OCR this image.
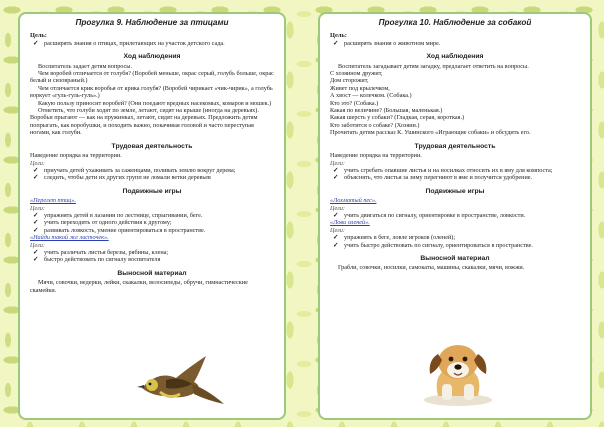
Прогулка 9. Наблюдение за птицами
Цель:
✓ расширять знания о птицах, прилетающих на участок детского сада.
Ход наблюдения

Воспитатель задает детям вопросы.

Чем воробей отличается от голубя? (Воробей меньше, окрас серый, голубь больше, окрас белый и сизовраный.)

Чем отличается крик воробья от крика голубя? (Воробей чирикает «чик-чирик», а голубь воркует «гуль-гуль-гуль».)

Какую пользу приносит воробей? (Они поедают вредных насекомых, комаров и мошек.)

Отметить, что голуби ходят по земле, летают, сидят на крыше (иногда на деревьях). Воробьи прыгают — как на пружинках, летают, сидят на деревьях. Предложить детям попрыгать, как воробушки, и походить важно, покачивая головой и часто переступая ногами, как голуби.

Трудовая деятельность
Наведение порядка на территории.
Цели:
✓ приучать детей ухаживать за саженцами, поливать землю вокруг дерева;
✓ следить, чтобы дети их других групп не ломали ветки деревьев
Подвижные игры
«Перелет птиц».
Цели:
✓ упражнять детей в лазании по лестнице, спрыгивании, беге.
✓ учить переходить от одного действия к другому;
✓ развивать ловкость, умение ориентироваться в пространстве.
«Найди такой же листочек».
Цели:
✓ учить различать листья березы, рябины, клена;
✓ быстро действовать по сигналу воспитателя
Выносной материал
Мячи, совочки, ведерки, лейки, скакалки, велосипеды, обручи, гимнастические скамейки.
Прогулка 10. Наблюдение за собакой
Цель:
✓ расширять знания о животном мире.
Ход наблюдения

Воспитатель загадывает детям загадку, предлагает ответить на вопросы.

С хозяином дружит,

Дом сторожит,

Живет под крылечком,

А хвост — колечком. (Собака.)

Кто это? (Собака.)

Какая по величине? (Большая, маленькая.)

Какая шерсть у собаки? (Гладкая, серая, короткая.)

Кто заботится о собаке? (Хозяин.)

Прочитать детям рассказ К. Ушинского «Играющие собаки» и обсудить его.

Трудовая деятельность
Наведение порядка на территории.
Цели:
✓ учить сгребать опавшие листья и на носилках относить их в яму для компоста;
✓ объяснять, что листья за зиму перегниют в яме и получится удобрение.
Подвижные игры
«Лохматый пес».
Цели:
✓ учить двигаться по сигналу, ориентировке в пространстве, ловкости.
«Лови оленей».
Цели:
✓ упражнять в беге, ловле игроков (оленей);
✓ учить быстро действовать по сигналу, ориентироваться в пространстве.
Выносной материал
Грабли, совочки, носилки, самокаты, машины, скакалки, мячи, вожжи.
